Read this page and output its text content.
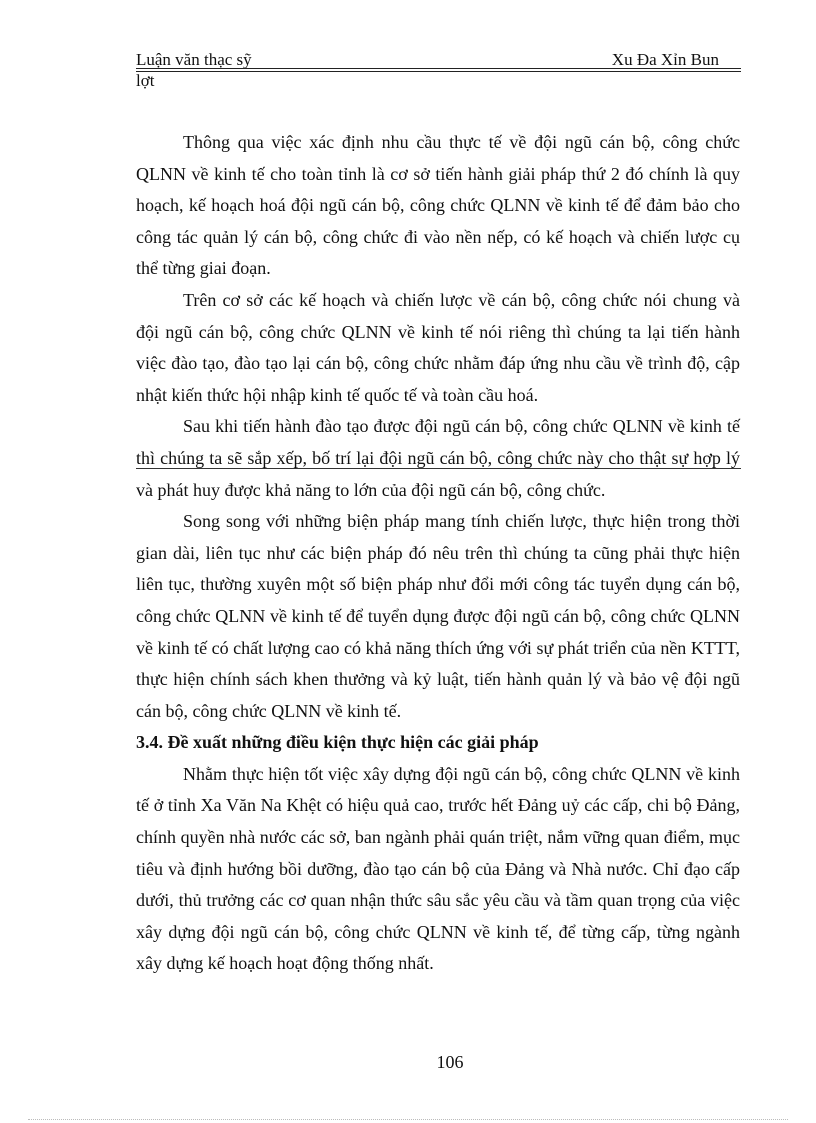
Luận văn thạc sỹ	Xu Đa Xỉn Bun
lợt

Thông qua việc xác định nhu cầu thực tế về đội ngũ cán bộ, công chức QLNN về kinh tế cho toàn tỉnh là cơ sở tiến hành giải pháp thứ 2 đó chính là quy hoạch, kế hoạch hoá đội ngũ cán bộ, công chức QLNN về kinh tế để đảm bảo cho công tác quản lý cán bộ, công chức đi vào nền nếp, có kế hoạch và chiến lược cụ thể từng giai đoạn.

Trên cơ sở các kế hoạch và chiến lược về cán bộ, công chức nói chung và đội ngũ cán bộ, công chức QLNN về kinh tế nói riêng thì chúng ta lại tiến hành việc đào tạo, đào tạo lại cán bộ, công chức nhằm đáp ứng nhu cầu về trình độ, cập nhật kiến thức hội nhập kinh tế quốc tế và toàn cầu hoá.

Sau khi tiến hành đào tạo được đội ngũ cán bộ, công chức QLNN về kinh tế thì chúng ta sẽ sắp xếp, bố trí lại đội ngũ cán bộ, công chức này cho thật sự hợp lý và phát huy được khả năng to lớn của đội ngũ cán bộ, công chức.

Song song với những biện pháp mang tính chiến lược, thực hiện trong thời gian dài, liên tục như các biện pháp đó nêu trên thì chúng ta cũng phải thực hiện liên tục, thường xuyên một số biện pháp như đổi mới công tác tuyển dụng cán bộ, công chức QLNN về kinh tế để tuyển dụng được đội ngũ cán bộ, công chức QLNN về kinh tế có chất lượng cao có khả năng thích ứng với sự phát triển của nền KTTT, thực hiện chính sách khen thưởng và kỷ luật, tiến hành quản lý và bảo vệ đội ngũ cán bộ, công chức QLNN về kinh tế.

3.4. Đề xuất những điều kiện thực hiện các giải pháp

Nhằm thực hiện tốt việc xây dựng đội ngũ cán bộ, công chức QLNN về kinh tế ở tỉnh Xa Văn Na Khệt có hiệu quả cao, trước hết Đảng uỷ các cấp, chi bộ Đảng, chính quyền nhà nước các sở, ban ngành phải quán triệt, nắm vững quan điểm, mục tiêu và định hướng bồi dưỡng, đào tạo cán bộ của Đảng và Nhà nước. Chỉ đạo cấp dưới, thủ trưởng các cơ quan nhận thức sâu sắc yêu cầu và tầm quan trọng của việc xây dựng đội ngũ cán bộ, công chức QLNN về kinh tế, để từng cấp, từng ngành xây dựng kế hoạch hoạt động thống nhất.

106
